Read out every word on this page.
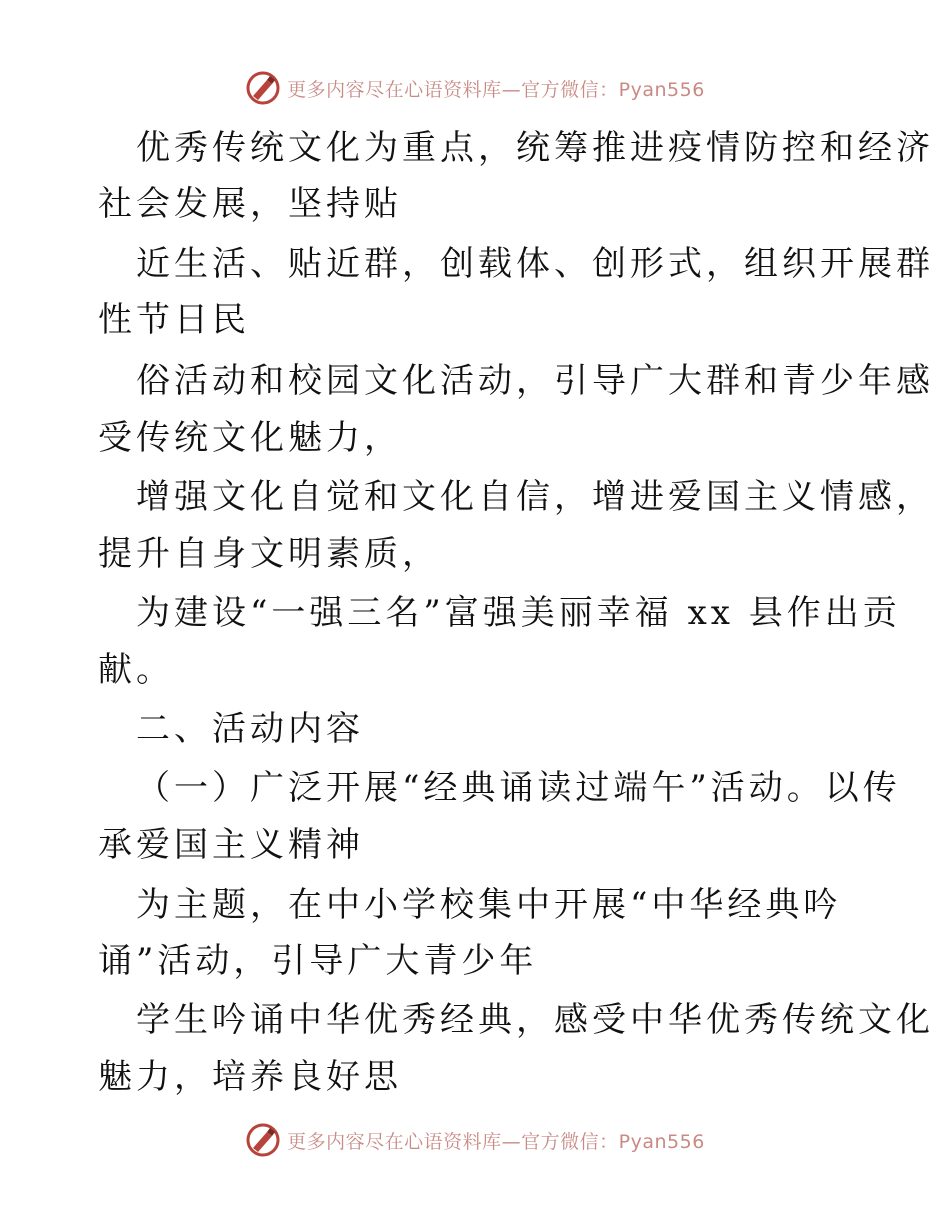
更多内容尽在心语资料库—官方微信：Pyan556
优秀传统文化为重点，统筹推进疫情防控和经济
社会发展，坚持贴
近生活、贴近群，创载体、创形式，组织开展群
性节日民
俗活动和校园文化活动，引导广大群和青少年感
受传统文化魅力，
增强文化自觉和文化自信，增进爱国主义情感，
提升自身文明素质，
为建设“一强三名”富强美丽幸福 xx 县作出贡
献。
二、活动内容
（一）广泛开展“经典诵读过端午”活动。以传
承爱国主义精神
为主题，在中小学校集中开展“中华经典吟
诵”活动，引导广大青少年
学生吟诵中华优秀经典，感受中华优秀传统文化
魅力，培养良好思
更多内容尽在心语资料库—官方微信：Pyan556
